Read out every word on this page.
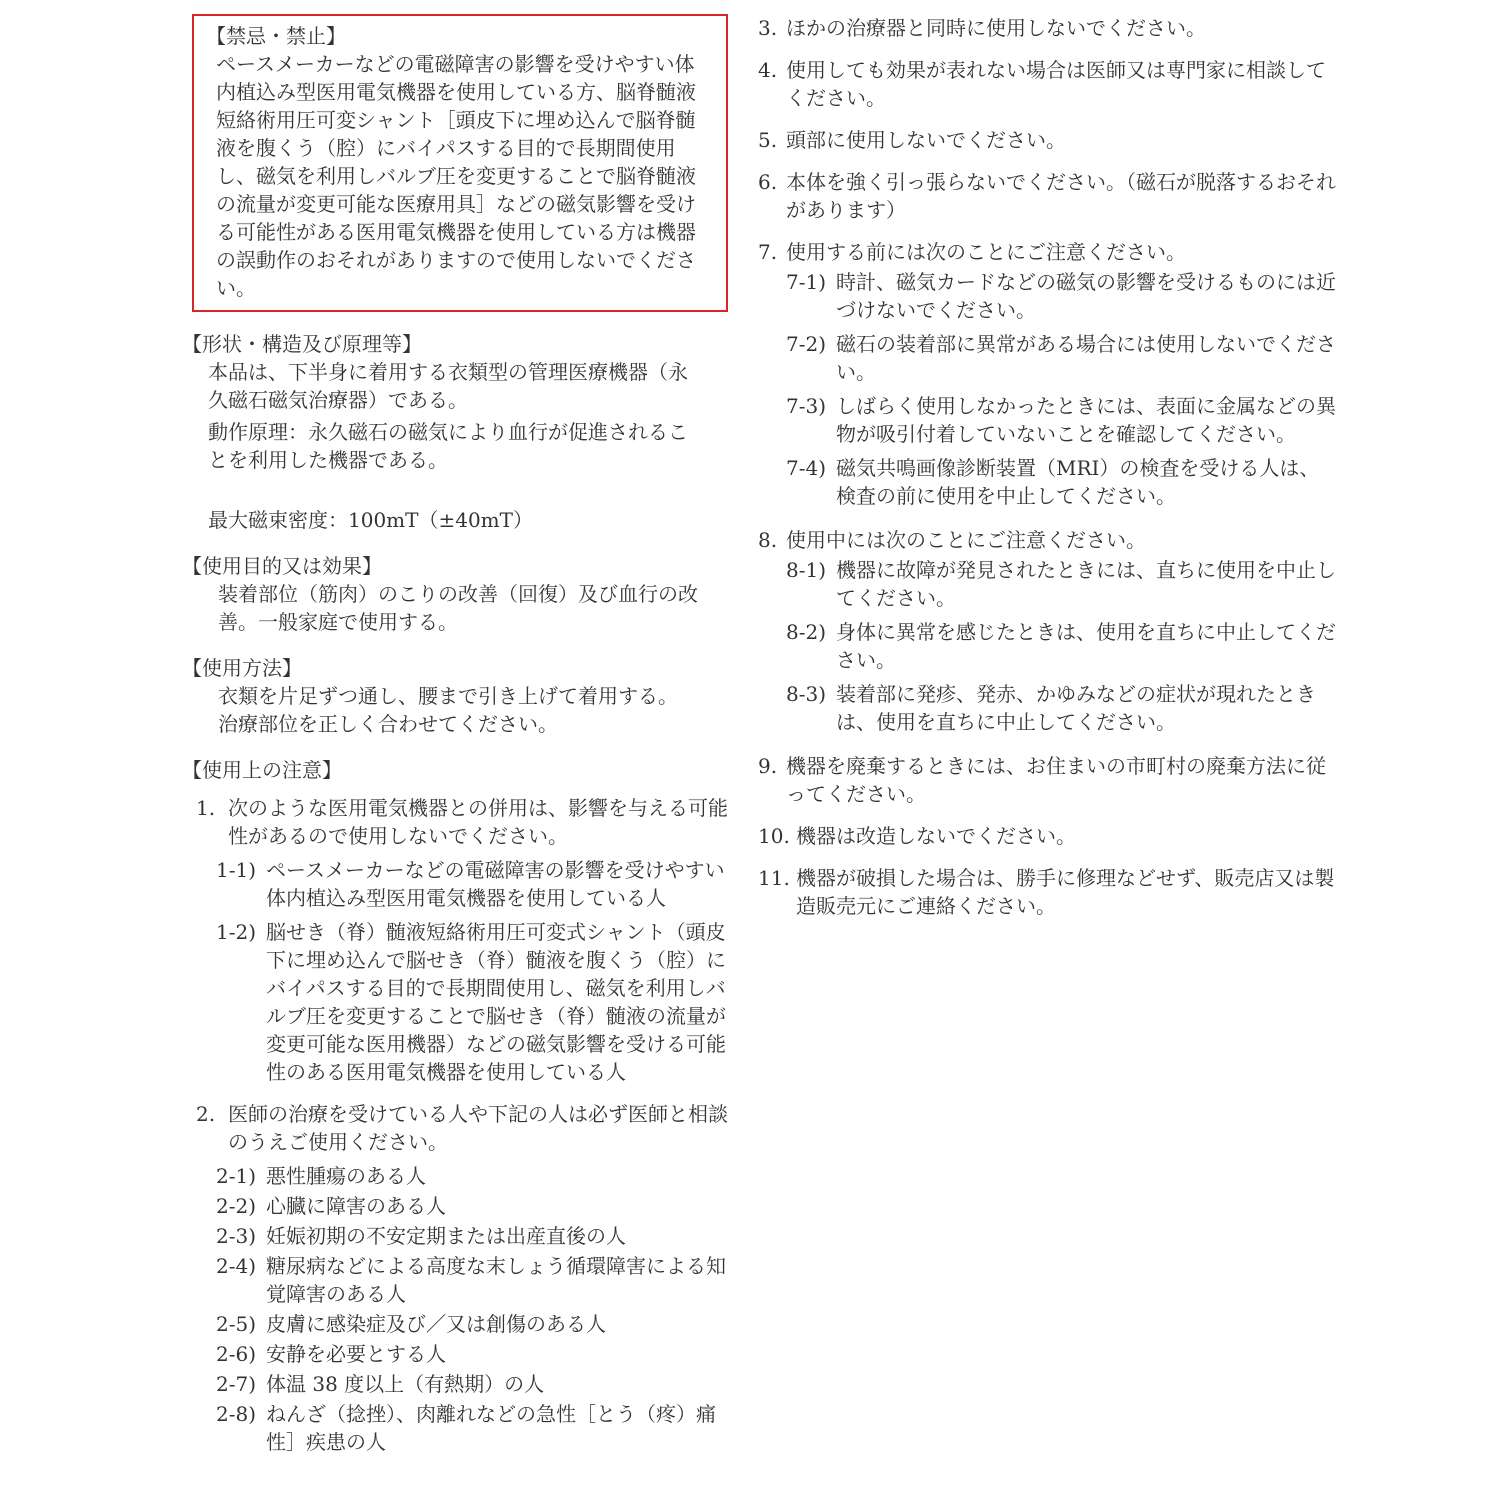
【禁忌・禁止】

ペースメーカーなどの電磁障害の影響を受けやすい体内植込み型医用電気機器を使用している方、脳脊髄液短絡術用圧可変シャント［頭皮下に埋め込んで脳脊髄液を腹くう（腔）にバイパスする目的で長期間使用し、磁気を利用しバルブ圧を変更することで脳脊髄液の流量が変更可能な医療用具］などの磁気影響を受ける可能性がある医用電気機器を使用している方は機器の誤動作のおそれがありますので使用しないでください。

【形状・構造及び原理等】

本品は、下半身に着用する衣類型の管理医療機器（永久磁石磁気治療器）である。

動作原理：永久磁石の磁気により血行が促進されることを利用した機器である。

最大磁束密度：100mT（±40mT）

【使用目的又は効果】

装着部位（筋肉）のこりの改善（回復）及び血行の改善。一般家庭で使用する。

【使用方法】

衣類を片足ずつ通し、腰まで引き上げて着用する。

治療部位を正しく合わせてください。

【使用上の注意】

1. 次のような医用電気機器との併用は、影響を与える可能性があるので使用しないでください。
1-1) ペースメーカーなどの電磁障害の影響を受けやすい体内植込み型医用電気機器を使用している人
1-2) 脳せき（脊）髄液短絡術用圧可変式シャント（頭皮下に埋め込んで脳せき（脊）髄液を腹くう（腔）にバイパスする目的で長期間使用し、磁気を利用しバルブ圧を変更することで脳せき（脊）髄液の流量が変更可能な医用機器）などの磁気影響を受ける可能性のある医用電気機器を使用している人
2. 医師の治療を受けている人や下記の人は必ず医師と相談のうえご使用ください。
2-1) 悪性腫瘍のある人
2-2) 心臓に障害のある人
2-3) 妊娠初期の不安定期または出産直後の人
2-4) 糖尿病などによる高度な末しょう循環障害による知覚障害のある人
2-5) 皮膚に感染症及び／又は創傷のある人
2-6) 安静を必要とする人
2-7) 体温 38 度以上（有熱期）の人
2-8) ねんざ（捻挫）、肉離れなどの急性［とう（疼）痛性］疾患の人
3. ほかの治療器と同時に使用しないでください。
4. 使用しても効果が表れない場合は医師又は専門家に相談してください。
5. 頭部に使用しないでください。
6. 本体を強く引っ張らないでください。（磁石が脱落するおそれがあります）
7. 使用する前には次のことにご注意ください。
7-1) 時計、磁気カードなどの磁気の影響を受けるものには近づけないでください。
7-2) 磁石の装着部に異常がある場合には使用しないでください。
7-3) しばらく使用しなかったときには、表面に金属などの異物が吸引付着していないことを確認してください。
7-4) 磁気共鳴画像診断装置（MRI）の検査を受ける人は、検査の前に使用を中止してください。
8. 使用中には次のことにご注意ください。
8-1) 機器に故障が発見されたときには、直ちに使用を中止してください。
8-2) 身体に異常を感じたときは、使用を直ちに中止してください。
8-3) 装着部に発疹、発赤、かゆみなどの症状が現れたときは、使用を直ちに中止してください。
9. 機器を廃棄するときには、お住まいの市町村の廃棄方法に従ってください。
10. 機器は改造しないでください。
11. 機器が破損した場合は、勝手に修理などせず、販売店又は製造販売元にご連絡ください。
